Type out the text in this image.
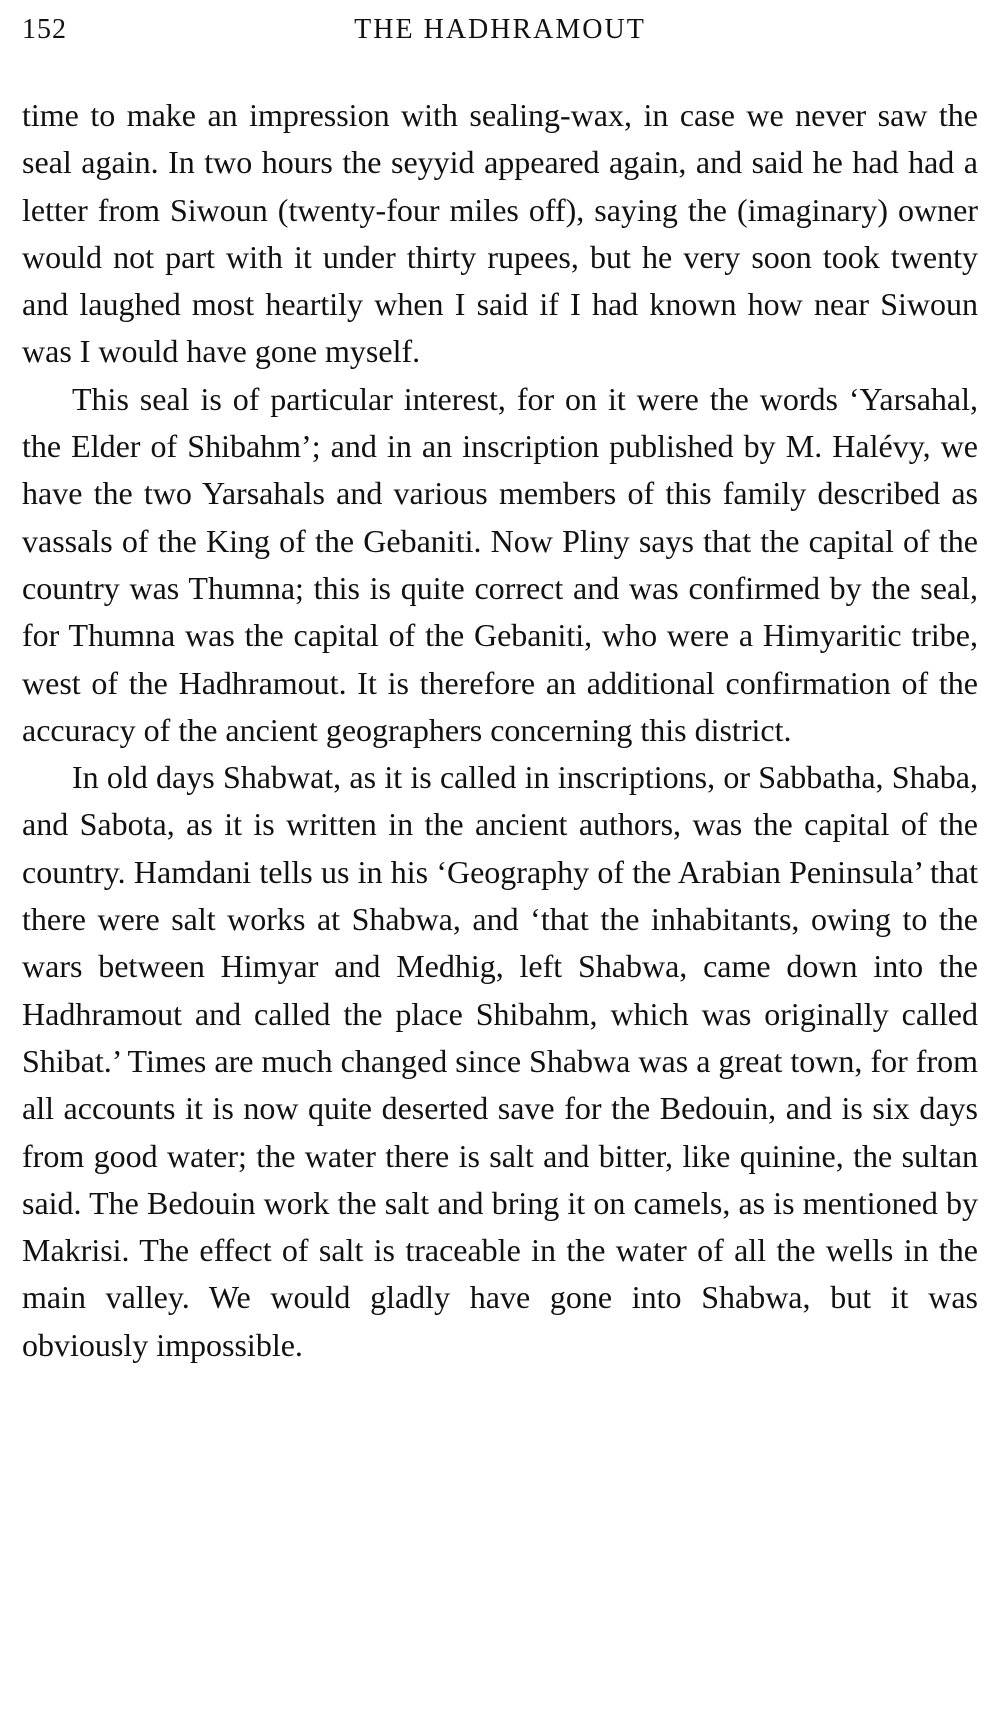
152	THE HADHRAMOUT

time to make an impression with sealing-wax, in case we never saw the seal again. In two hours the seyyid appeared again, and said he had had a letter from Siwoun (twenty-four miles off), saying the (imaginary) owner would not part with it under thirty rupees, but he very soon took twenty and laughed most heartily when I said if I had known how near Siwoun was I would have gone myself.

This seal is of particular interest, for on it were the words ‘Yarsahal, the Elder of Shibahm’; and in an inscription published by M. Halévy, we have the two Yarsahals and various members of this family described as vassals of the King of the Gebaniti. Now Pliny says that the capital of the country was Thumna; this is quite correct and was confirmed by the seal, for Thumna was the capital of the Gebaniti, who were a Himyaritic tribe, west of the Hadhramout. It is therefore an additional confirmation of the accuracy of the ancient geographers concerning this district.

In old days Shabwat, as it is called in inscriptions, or Sabbatha, Shaba, and Sabota, as it is written in the ancient authors, was the capital of the country. Hamdani tells us in his ‘Geography of the Arabian Peninsula’ that there were salt works at Shabwa, and ‘that the inhabitants, owing to the wars between Himyar and Medhig, left Shabwa, came down into the Hadhramout and called the place Shibahm, which was originally called Shibat.’ Times are much changed since Shabwa was a great town, for from all accounts it is now quite deserted save for the Bedouin, and is six days from good water; the water there is salt and bitter, like quinine, the sultan said. The Bedouin work the salt and bring it on camels, as is mentioned by Makrisi. The effect of salt is traceable in the water of all the wells in the main valley. We would gladly have gone into Shabwa, but it was obviously impossible.
